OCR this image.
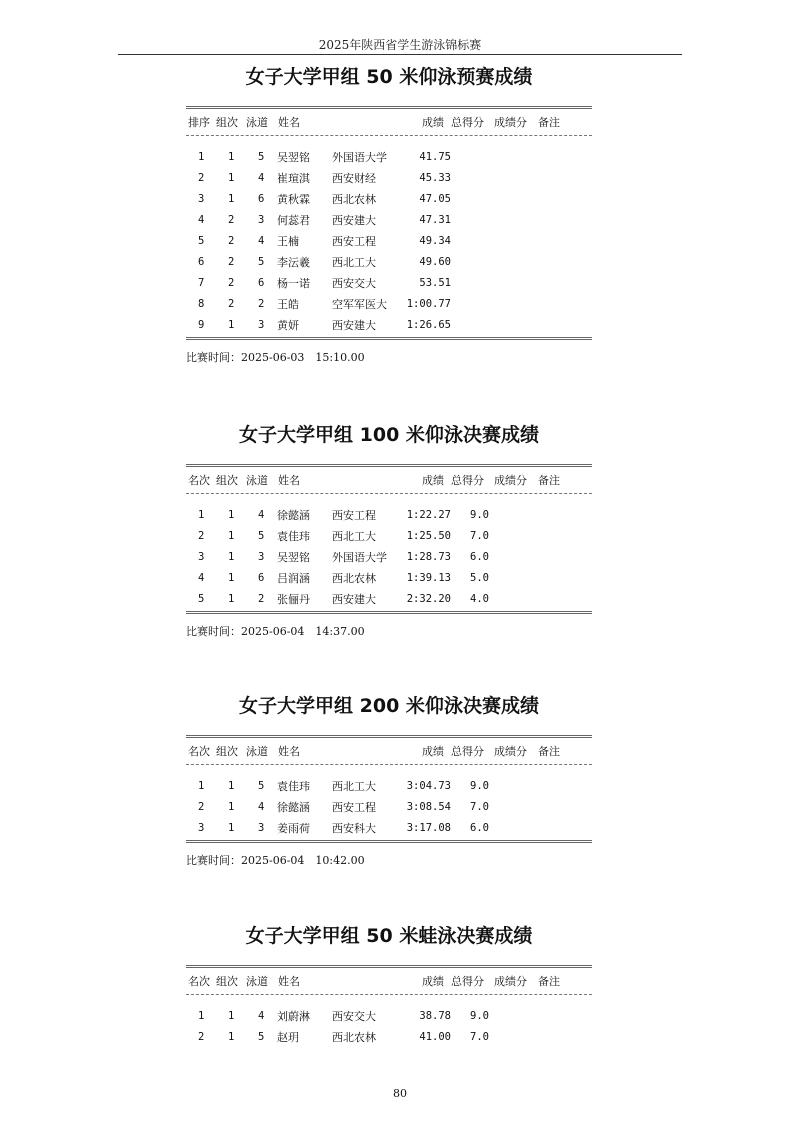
2025年陕西省学生游泳锦标赛
女子大学甲组 50 米仰泳预赛成绩
排序 组次 泳道 姓名	成绩 总得分 成绩分 备注
1 1 5 吴翌铭 外国语大学	41.75
2 1 4 崔瑄淇 西安财经	45.33
3 1 6 黄秋霖 西北农林	47.05
4 2 3 何蕊君 西安建大	47.31
5 2 4 王楠	西安工程	49.34
6 2 5 李沄羲 西北工大	49.60
7 2 6 杨一诺 西安交大	53.51
8 2 2 王皓	空军军医大	1:00.77
9 1 3 黄妍	西安建大	1:26.65
比赛时间：2025-06-03　15:10.00
女子大学甲组 100 米仰泳决赛成绩
名次 组次 泳道 姓名	成绩 总得分 成绩分 备注
1 1 4 徐懿涵 西安工程	1:22.27 9.0
2 1 5 袁佳玮 西北工大	1:25.50 7.0
3 1 3 吴翌铭 外国语大学	1:28.73 6.0
4 1 6 吕润涵 西北农林	1:39.13 5.0
5 1 2 张俪丹 西安建大	2:32.20 4.0
比赛时间：2025-06-04　14:37.00
女子大学甲组 200 米仰泳决赛成绩
名次 组次 泳道 姓名	成绩 总得分 成绩分 备注
1 1 5 袁佳玮 西北工大	3:04.73 9.0
2 1 4 徐懿涵 西安工程	3:08.54 7.0
3 1 3 姜雨荷 西安科大	3:17.08 6.0
比赛时间：2025-06-04　10:42.00
女子大学甲组 50 米蛙泳决赛成绩
名次 组次 泳道 姓名	成绩 总得分 成绩分 备注
1 1 4 刘蔚淋 西安交大	38.78 9.0
2 1 5 赵玥	西北农林	41.00 7.0
80
